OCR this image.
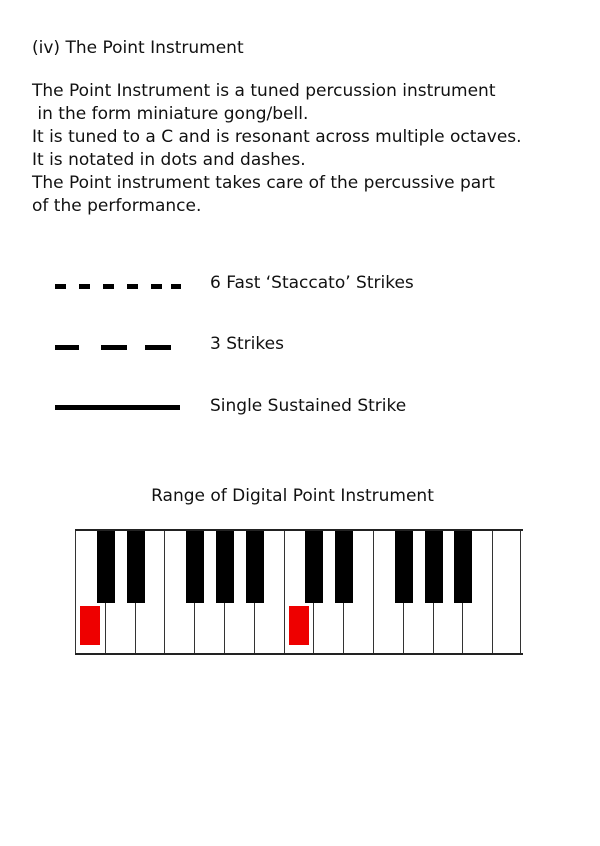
(iv) The Point Instrument

The Point Instrument is a tuned percussion instrument

in the form miniature gong/bell.

It is tuned to a C and is resonant across multiple octaves.

It is notated in dots and dashes.

The Point instrument takes care of the percussive part

of the performance.

6 Fast ‘Staccato’ Strikes
3 Strikes
Single Sustained Strike
Range of Digital Point Instrument
